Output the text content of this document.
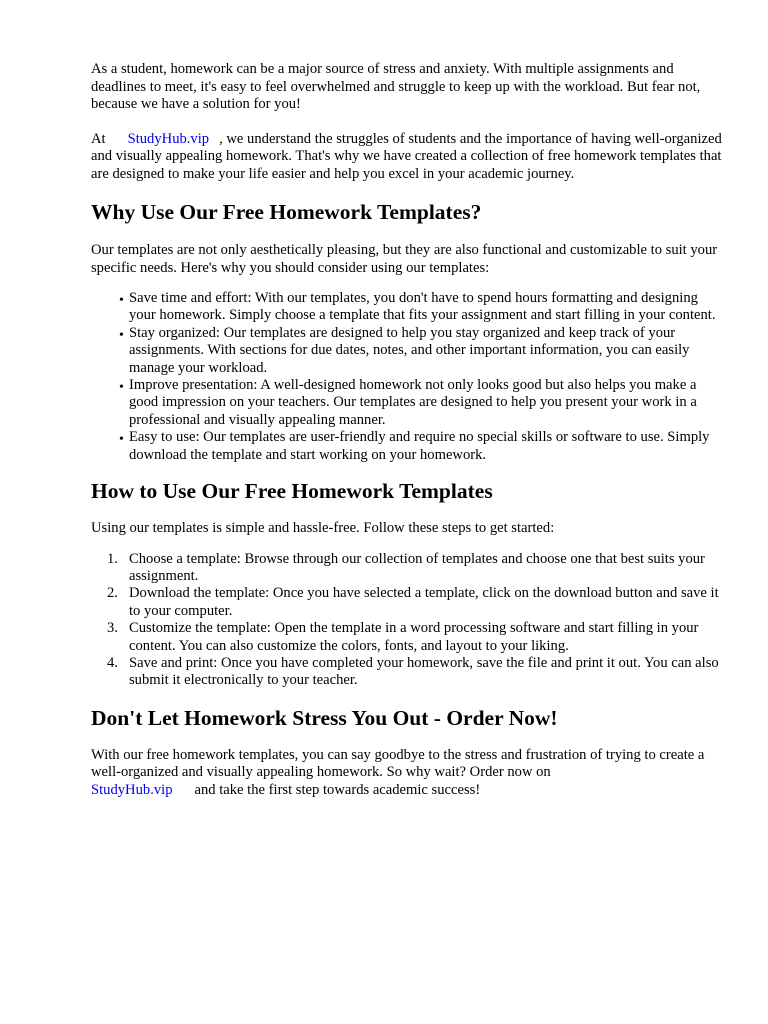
As a student, homework can be a major source of stress and anxiety. With multiple assignments and deadlines to meet, it's easy to feel overwhelmed and struggle to keep up with the workload. But fear not, because we have a solution for you!

At StudyHub.vip , we understand the struggles of students and the importance of having well-organized and visually appealing homework. That's why we have created a collection of free homework templates that are designed to make your life easier and help you excel in your academic journey.

Why Use Our Free Homework Templates?

Our templates are not only aesthetically pleasing, but they are also functional and customizable to suit your specific needs. Here's why you should consider using our templates:

• Save time and effort: With our templates, you don't have to spend hours formatting and designing your homework. Simply choose a template that fits your assignment and start filling in your content.
• Stay organized: Our templates are designed to help you stay organized and keep track of your assignments. With sections for due dates, notes, and other important information, you can easily manage your workload.
• Improve presentation: A well-designed homework not only looks good but also helps you make a good impression on your teachers. Our templates are designed to help you present your work in a professional and visually appealing manner.
• Easy to use: Our templates are user-friendly and require no special skills or software to use. Simply download the template and start working on your homework.
How to Use Our Free Homework Templates

Using our templates is simple and hassle-free. Follow these steps to get started:

1. Choose a template: Browse through our collection of templates and choose one that best suits your assignment.
2. Download the template: Once you have selected a template, click on the download button and save it to your computer.
3. Customize the template: Open the template in a word processing software and start filling in your content. You can also customize the colors, fonts, and layout to your liking.
4. Save and print: Once you have completed your homework, save the file and print it out. You can also submit it electronically to your teacher.
Don't Let Homework Stress You Out - Order Now!

With our free homework templates, you can say goodbye to the stress and frustration of trying to create a well-organized and visually appealing homework. So why wait? Order now on
StudyHub.vip and take the first step towards academic success!
